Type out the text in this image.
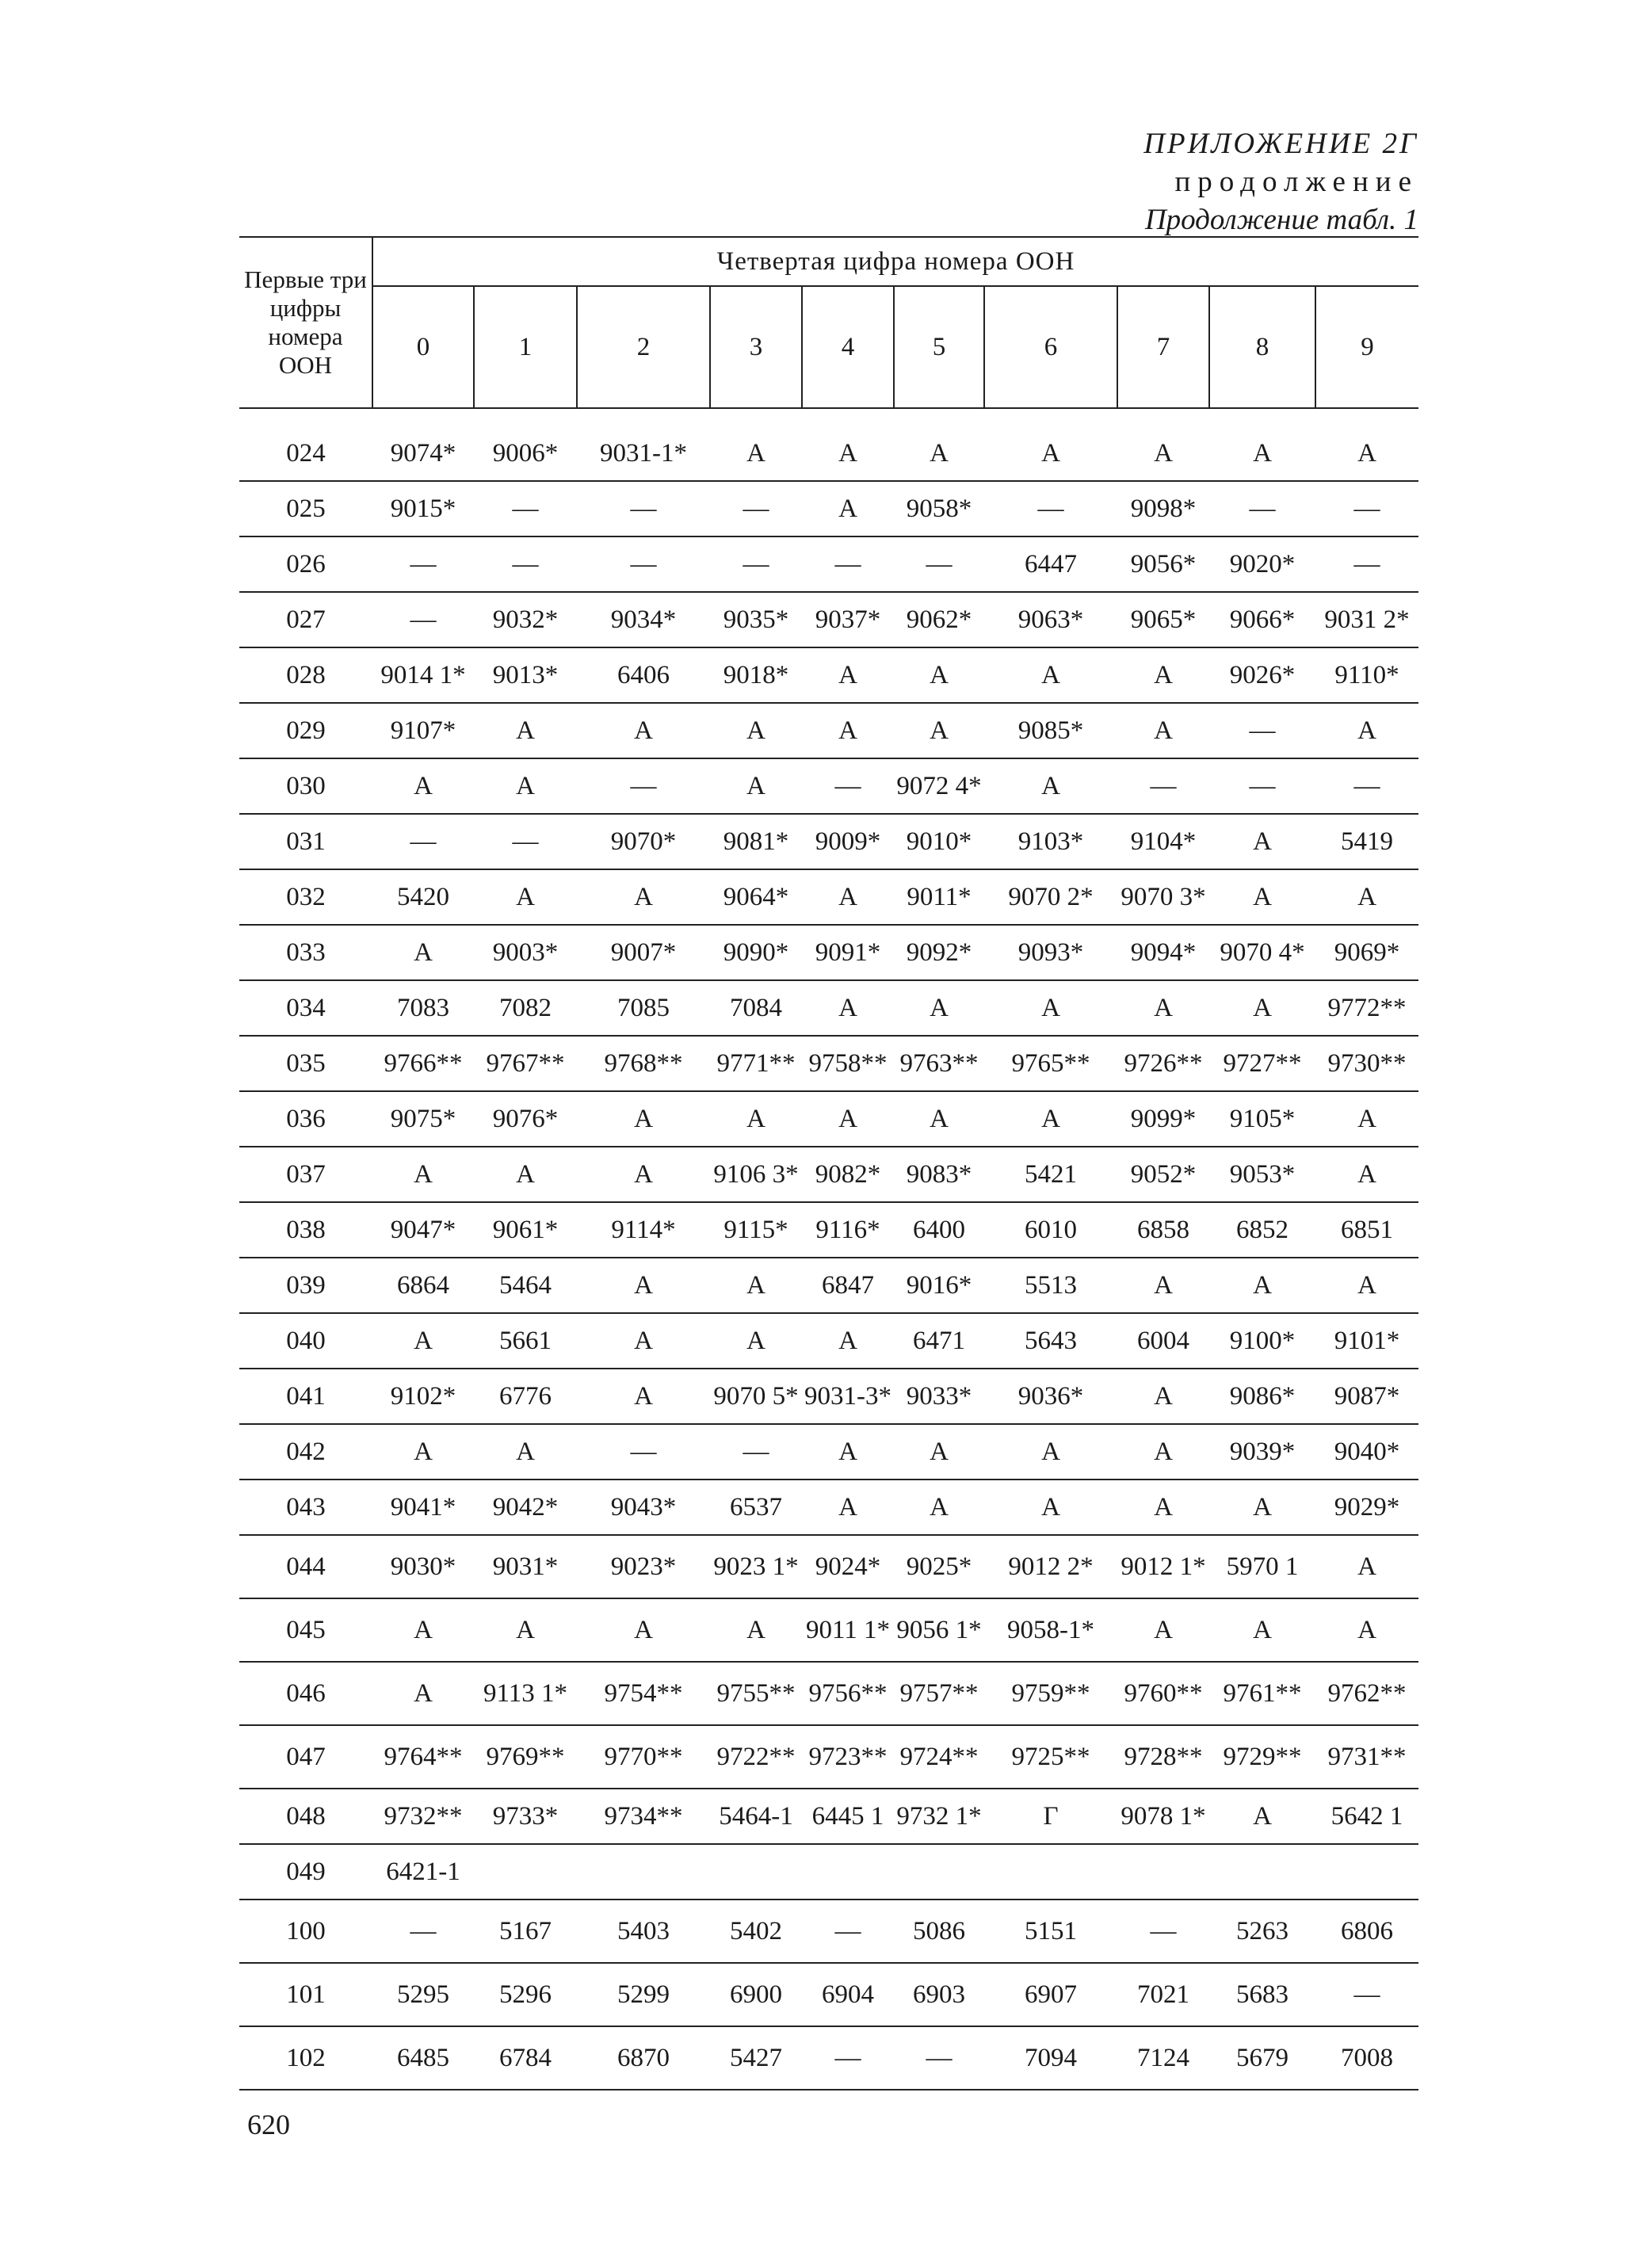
ПРИЛОЖЕНИЕ 2Г
продолжение
Продолжение табл. 1
Первые три цифры номера ООН	Четвертая цифра номера ООН									
	0	1	2	3	4	5	6	7	8	9

024	9074*	9006*	9031-1*	A	A	A	A	A	A	A
025	9015*	—	—	—	A	9058*	—	9098*	—	—
026	—	—	—	—	—	—	6447	9056*	9020*	—
027	—	9032*	9034*	9035*	9037*	9062*	9063*	9065*	9066*	9031 2*
028	9014 1*	9013*	6406	9018*	A	A	A	A	9026*	9110*
029	9107*	A	A	A	A	A	9085*	A	—	A
030	A	A	—	A	—	9072 4*	A	—	—	—
031	—	—	9070*	9081*	9009*	9010*	9103*	9104*	A	5419
032	5420	A	A	9064*	A	9011*	9070 2*	9070 3*	A	A
033	A	9003*	9007*	9090*	9091*	9092*	9093*	9094*	9070 4*	9069*
034	7083	7082	7085	7084	A	A	A	A	A	9772**
035	9766**	9767**	9768**	9771**	9758**	9763**	9765**	9726**	9727**	9730**
036	9075*	9076*	A	A	A	A	A	9099*	9105*	A
037	A	A	A	9106 3*	9082*	9083*	5421	9052*	9053*	A
038	9047*	9061*	9114*	9115*	9116*	6400	6010	6858	6852	6851
039	6864	5464	A	A	6847	9016*	5513	A	A	A
040	A	5661	A	A	A	6471	5643	6004	9100*	9101*
041	9102*	6776	A	9070 5*	9031-3*	9033*	9036*	A	9086*	9087*
042	A	A	—	—	A	A	A	A	9039*	9040*
043	9041*	9042*	9043*	6537	A	A	A	A	A	9029*
044	9030*	9031*	9023*	9023 1*	9024*	9025*	9012 2*	9012 1*	5970 1	A
045	A	A	A	A	9011 1*	9056 1*	9058-1*	A	A	A
046	A	9113 1*	9754**	9755**	9756**	9757**	9759**	9760**	9761**	9762**
047	9764**	9769**	9770**	9722**	9723**	9724**	9725**	9728**	9729**	9731**
048	9732**	9733*	9734**	5464-1	6445 1	9732 1*	Г	9078 1*	A	5642 1
049	6421-1									
100	—	5167	5403	5402	—	5086	5151	—	5263	6806
101	5295	5296	5299	6900	6904	6903	6907	7021	5683	—
102	6485	6784	6870	5427	—	—	7094	7124	5679	7008
620
